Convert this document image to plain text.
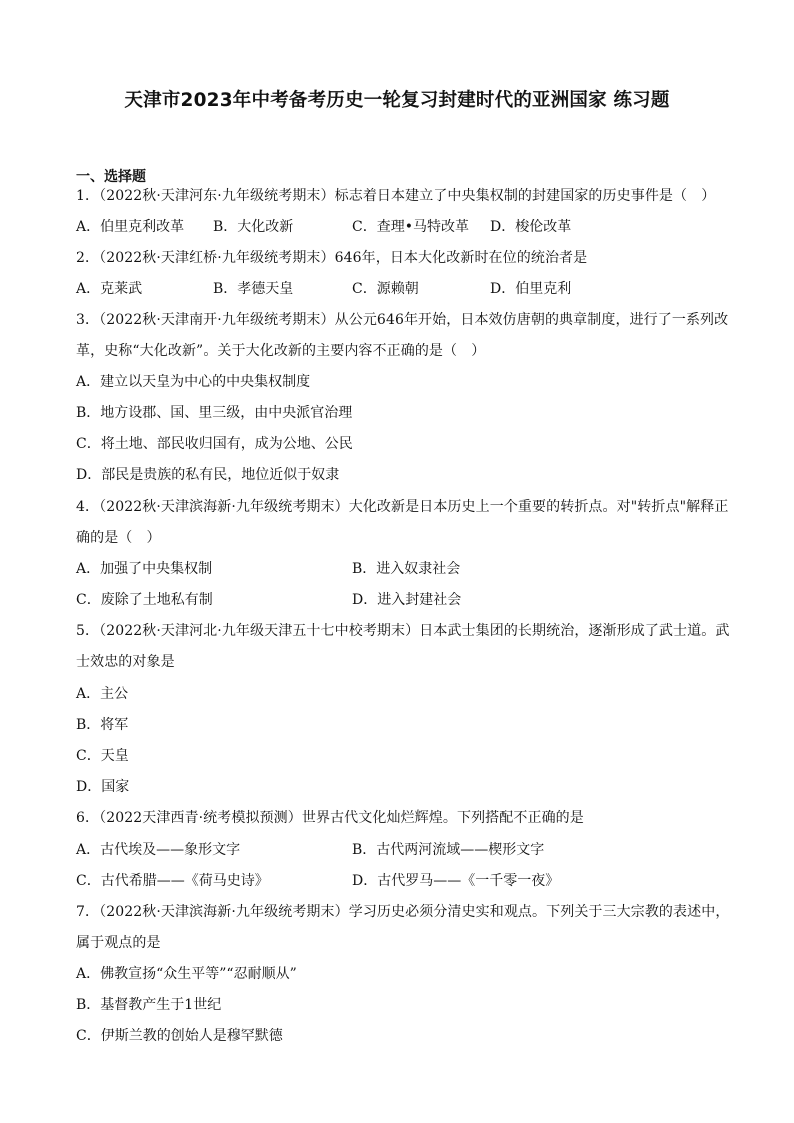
天津市2023年中考备考历史一轮复习封建时代的亚洲国家 练习题
一、选择题
1．（2022秋·天津河东·九年级统考期末）标志着日本建立了中央集权制的封建国家的历史事件是（　）
A．伯里克利改革 B．大化改新	C．查理•马特改革 D．梭伦改革
2．（2022秋·天津红桥·九年级统考期末）646年，日本大化改新时在位的统治者是
A．克莱武	B．孝德天皇	C．源赖朝	D．伯里克利
3．（2022秋·天津南开·九年级统考期末）从公元646年开始，日本效仿唐朝的典章制度，进行了一系列改
革，史称“大化改新”。关于大化改新的主要内容不正确的是（　）
A．建立以天皇为中心的中央集权制度
B．地方设郡、国、里三级，由中央派官治理
C．将土地、部民收归国有，成为公地、公民
D．部民是贵族的私有民，地位近似于奴隶
4．（2022秋·天津滨海新·九年级统考期末）大化改新是日本历史上一个重要的转折点。对"转折点"解释正
确的是（　）
A．加强了中央集权制	B．进入奴隶社会
C．废除了土地私有制	D．进入封建社会
5．（2022秋·天津河北·九年级天津五十七中校考期末）日本武士集团的长期统治，逐渐形成了武士道。武
士效忠的对象是
A．主公
B．将军
C．天皇
D．国家
6．（2022天津西青·统考模拟预测）世界古代文化灿烂辉煌。下列搭配不正确的是
A．古代埃及——象形文字	B．古代两河流域——楔形文字
C．古代希腊——《荷马史诗》	D．古代罗马——《一千零一夜》
7．（2022秋·天津滨海新·九年级统考期末）学习历史必须分清史实和观点。下列关于三大宗教的表述中，
属于观点的是
A．佛教宣扬“众生平等”“忍耐顺从”
B．基督教产生于1世纪
C．伊斯兰教的创始人是穆罕默德
